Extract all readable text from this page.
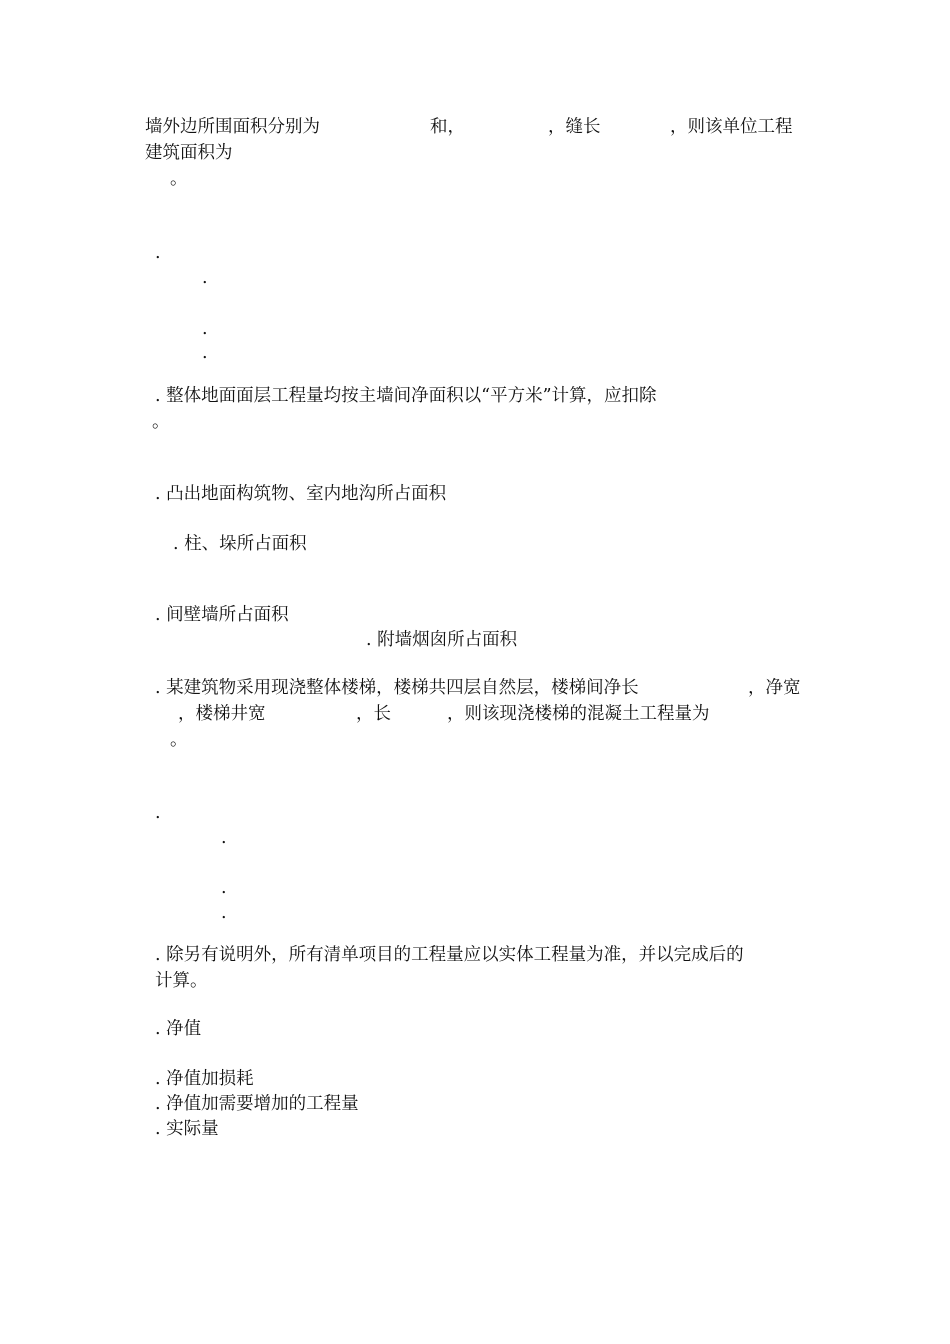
墙外边所围面积分别为	和，	，缝长	，则该单位工程
建筑面积为
。
.
.
.
.
. 整体地面面层工程量均按主墙间净面积以“平方米”计算，应扣除
。
. 凸出地面构筑物、室内地沟所占面积
. 柱、垛所占面积
. 间壁墙所占面积
. 附墙烟囱所占面积
. 某建筑物采用现浇整体楼梯，楼梯共四层自然层，楼梯间净长	，净宽
，楼梯井宽	，长	，则该现浇楼梯的混凝土工程量为
。
.
.
.
.
. 除另有说明外，所有清单项目的工程量应以实体工程量为准，并以完成后的
计算。
. 净值
. 净值加损耗
. 净值加需要增加的工程量
. 实际量
